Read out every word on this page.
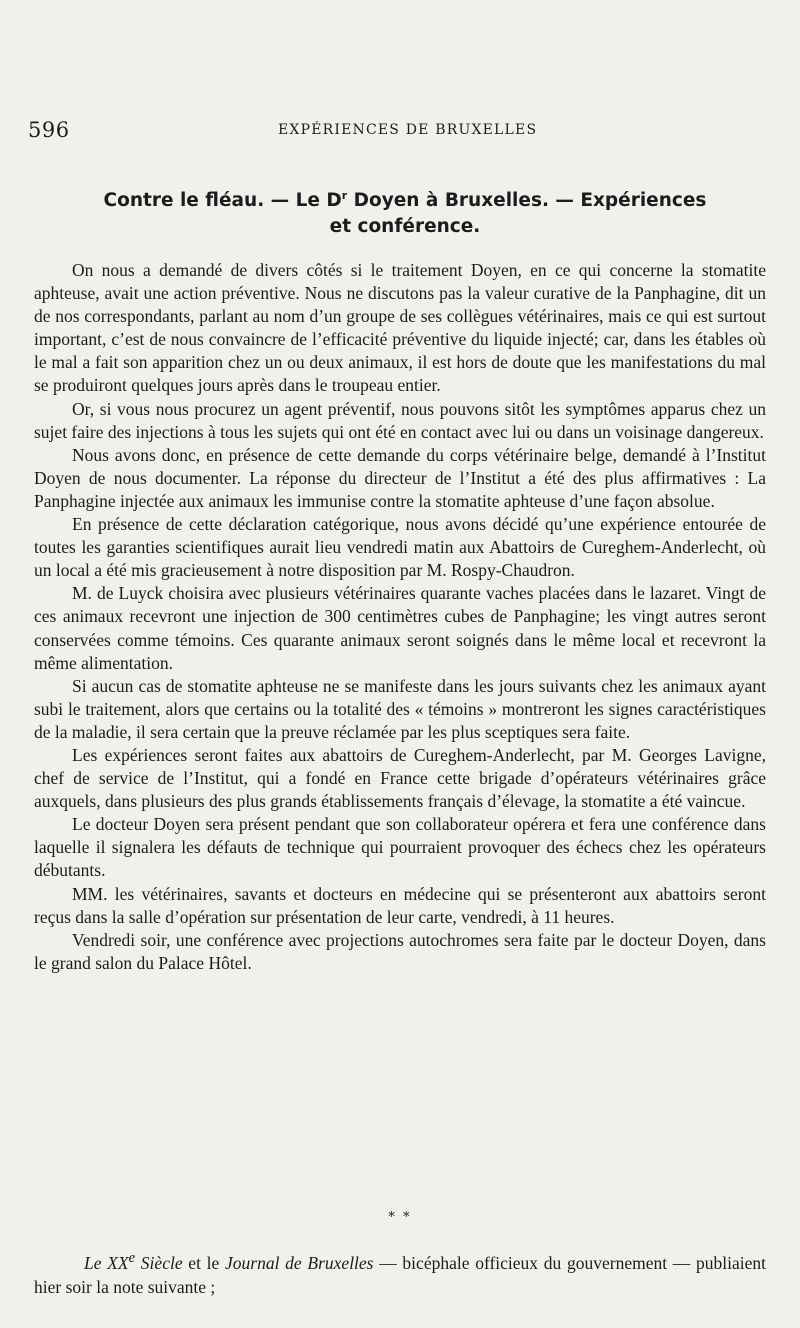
596	EXPÉRIENCES DE BRUXELLES
Contre le fléau. — Le $D^r$ Doyen à Bruxelles. — Expériences
et conférence.

On nous a demandé de divers côtés si le traitement Doyen, en ce qui concerne la stomatite aphteuse, avait une action préventive. Nous ne discutons pas la valeur curative de la Panphagine, dit un de nos correspondants, parlant au nom d’un groupe de ses collègues vétérinaires, mais ce qui est surtout important, c’est de nous convaincre de l’efficacité préventive du liquide injecté; car, dans les étables où le mal a fait son apparition chez un ou deux animaux, il est hors de doute que les manifestations du mal se produiront quelques jours après dans le troupeau entier.

Or, si vous nous procurez un agent préventif, nous pouvons sitôt les symptômes apparus chez un sujet faire des injections à tous les sujets qui ont été en contact avec lui ou dans un voisinage dangereux.

Nous avons donc, en présence de cette demande du corps vétérinaire belge, demandé à l’Institut Doyen de nous documenter. La réponse du directeur de l’Institut a été des plus affirmatives : La Panphagine injectée aux animaux les immunise contre la stomatite aphteuse d’une façon absolue.

En présence de cette déclaration catégorique, nous avons décidé qu’une expérience entourée de toutes les garanties scientifiques aurait lieu vendredi matin aux Abattoirs de Cureghem-Anderlecht, où un local a été mis gracieusement à notre disposition par M. Rospy-Chaudron.

M. de Luyck choisira avec plusieurs vétérinaires quarante vaches placées dans le lazaret. Vingt de ces animaux recevront une injection de 300 centimètres cubes de Panphagine; les vingt autres seront conservées comme témoins. Ces quarante animaux seront soignés dans le même local et recevront la même alimentation.

Si aucun cas de stomatite aphteuse ne se manifeste dans les jours suivants chez les animaux ayant subi le traitement, alors que certains ou la totalité des « témoins » montreront les signes caractéristiques de la maladie, il sera certain que la preuve réclamée par les plus sceptiques sera faite.

Les expériences seront faites aux abattoirs de Cureghem-Anderlecht, par M. Georges Lavigne, chef de service de l’Institut, qui a fondé en France cette brigade d’opérateurs vétérinaires grâce auxquels, dans plusieurs des plus grands établissements français d’élevage, la stomatite a été vaincue.

Le docteur Doyen sera présent pendant que son collaborateur opérera et fera une conférence dans laquelle il signalera les défauts de technique qui pourraient provoquer des échecs chez les opérateurs débutants.

MM. les vétérinaires, savants et docteurs en médecine qui se présenteront aux abattoirs seront reçus dans la salle d’opération sur présentation de leur carte, vendredi, à 11 heures.

Vendredi soir, une conférence avec projections autochromes sera faite par le docteur Doyen, dans le grand salon du Palace Hôtel.

* *

Le XXe Siècle et le Journal de Bruxelles — bicéphale officieux du gouvernement — publiaient hier soir la note suivante ;
